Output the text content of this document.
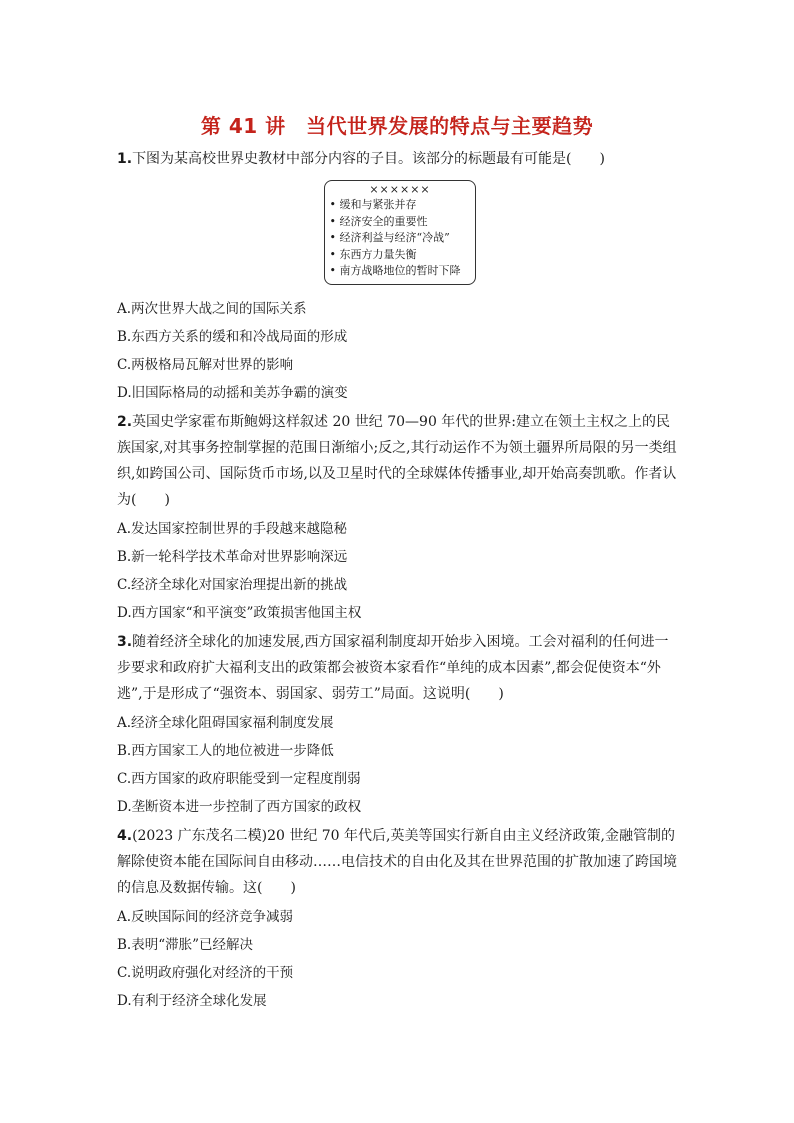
第 41 讲　当代世界发展的特点与主要趋势

1.下图为某高校世界史教材中部分内容的子目。该部分的标题最有可能是(　　)

××××××
• 缓和与紧张并存
• 经济安全的重要性
• 经济利益与经济“冷战”
• 东西方力量失衡
• 南方战略地位的暂时下降

A.两次世界大战之间的国际关系

B.东西方关系的缓和和冷战局面的形成

C.两极格局瓦解对世界的影响

D.旧国际格局的动摇和美苏争霸的演变

2.英国史学家霍布斯鲍姆这样叙述 20 世纪 70—90 年代的世界:建立在领土主权之上的民族国家,对其事务控制掌握的范围日渐缩小;反之,其行动运作不为领土疆界所局限的另一类组织,如跨国公司、国际货币市场,以及卫星时代的全球媒体传播事业,却开始高奏凯歌。作者认为(　　)

A.发达国家控制世界的手段越来越隐秘

B.新一轮科学技术革命对世界影响深远

C.经济全球化对国家治理提出新的挑战

D.西方国家“和平演变”政策损害他国主权

3.随着经济全球化的加速发展,西方国家福利制度却开始步入困境。工会对福利的任何进一步要求和政府扩大福利支出的政策都会被资本家看作“单纯的成本因素”,都会促使资本“外逃”,于是形成了“强资本、弱国家、弱劳工”局面。这说明(　　)

A.经济全球化阻碍国家福利制度发展

B.西方国家工人的地位被进一步降低

C.西方国家的政府职能受到一定程度削弱

D.垄断资本进一步控制了西方国家的政权

4.(2023 广东茂名二模)20 世纪 70 年代后,英美等国实行新自由主义经济政策,金融管制的解除使资本能在国际间自由移动……电信技术的自由化及其在世界范围的扩散加速了跨国境的信息及数据传输。这(　　)

A.反映国际间的经济竞争减弱

B.表明“滞胀”已经解决

C.说明政府强化对经济的干预

D.有利于经济全球化发展
